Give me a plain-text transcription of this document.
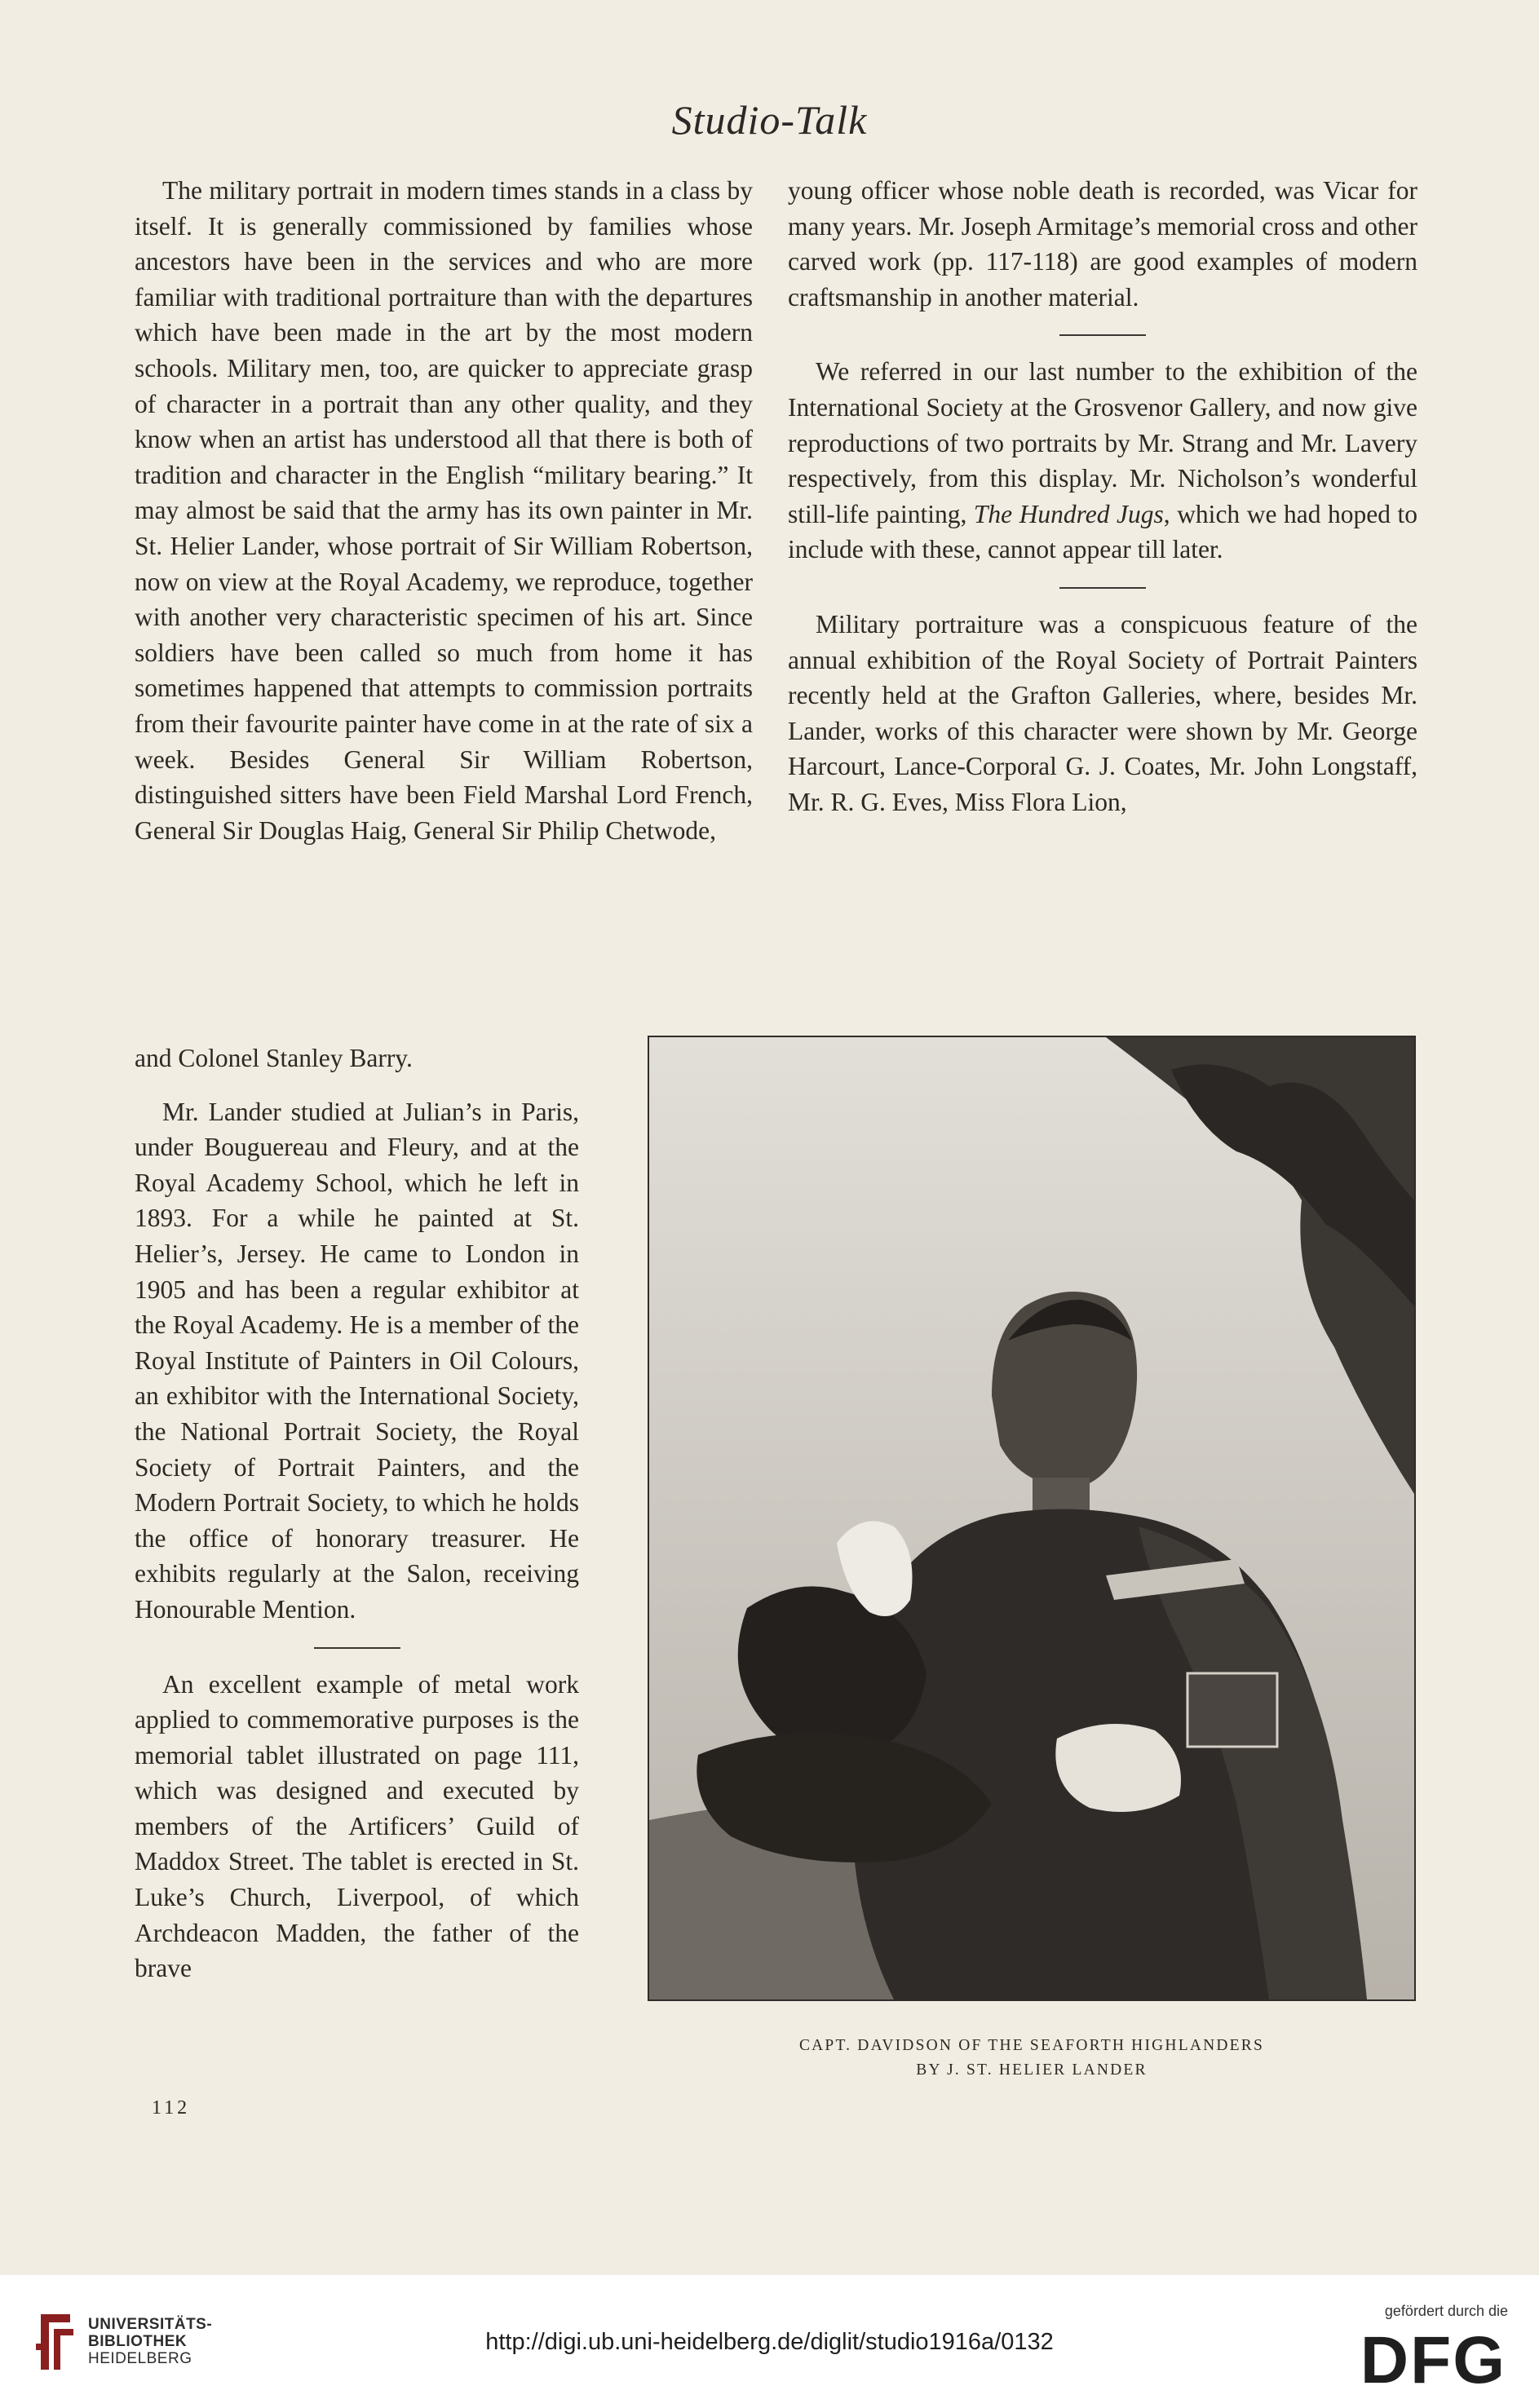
Studio-Talk

The military portrait in modern times stands in a class by itself. It is generally commissioned by families whose ancestors have been in the services and who are more familiar with traditional portraiture than with the departures which have been made in the art by the most modern schools. Military men, too, are quicker to appreciate grasp of character in a portrait than any other quality, and they know when an artist has understood all that there is both of tradition and character in the English “military bearing.” It may almost be said that the army has its own painter in Mr. St. Helier Lander, whose portrait of Sir William Robertson, now on view at the Royal Academy, we reproduce, together with another very characteristic specimen of his art. Since soldiers have been called so much from home it has sometimes happened that attempts to commission portraits from their favourite painter have come in at the rate of six a week. Besides General Sir William Robertson, distinguished sitters have been Field Marshal Lord French, General Sir Douglas Haig, General Sir Philip Chetwode,

and Colonel Stanley Barry.

Mr. Lander studied at Julian’s in Paris, under Bouguereau and Fleury, and at the Royal Academy School, which he left in 1893. For a while he painted at St. Helier’s, Jersey. He came to London in 1905 and has been a regular exhibitor at the Royal Academy. He is a member of the Royal Institute of Painters in Oil Colours, an exhibitor with the International Society, the National Portrait Society, the Royal Society of Portrait Painters, and the Modern Portrait Society, to which he holds the office of honorary treasurer. He exhibits regularly at the Salon, receiving Honourable Mention.

An excellent example of metal work applied to commemorative purposes is the memorial tablet illustrated on page 111, which was designed and executed by members of the Artificers’ Guild of Maddox Street. The tablet is erected in St. Luke’s Church, Liverpool, of which Archdeacon Madden, the father of the brave

young officer whose noble death is recorded, was Vicar for many years. Mr. Joseph Armitage’s memorial cross and other carved work (pp. 117-118) are good examples of modern craftsmanship in another material.

We referred in our last number to the exhibition of the International Society at the Grosvenor Gallery, and now give reproductions of two portraits by Mr. Strang and Mr. Lavery respectively, from this display. Mr. Nicholson’s wonderful still-life painting, The Hundred Jugs, which we had hoped to include with these, cannot appear till later.

Military portraiture was a conspicuous feature of the annual exhibition of the Royal Society of Portrait Painters recently held at the Grafton Galleries, where, besides Mr. Lander, works of this character were shown by Mr. George Harcourt, Lance-Corporal G. J. Coates, Mr. John Longstaff, Mr. R. G. Eves, Miss Flora Lion,

CAPT. DAVIDSON OF THE SEAFORTH HIGHLANDERS
BY J. ST. HELIER LANDER
112
UNIVERSITÄTS-
BIBLIOTHEK
HEIDELBERG
http://digi.ub.uni-heidelberg.de/diglit/studio1916a/0132
gefördert durch die
DFG
